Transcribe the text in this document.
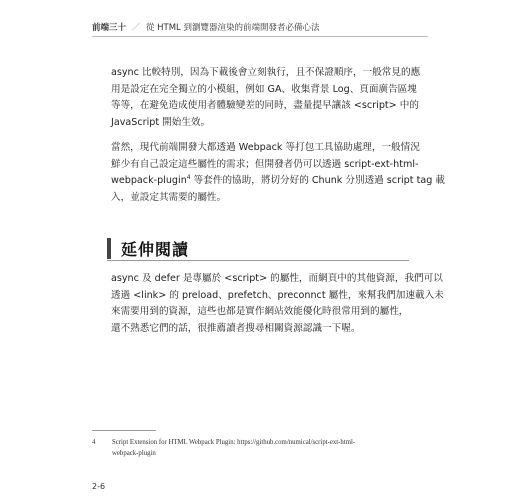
前端三十 ／ 從 HTML 到瀏覽器渲染的前端開發者必備心法
async 比較特別，因為下載後會立刻執行，且不保證順序，一般常見的應
用是設定在完全獨立的小模組，例如 GA、收集背景 Log、頁面廣告區塊
等等，在避免造成使用者體驗變差的同時，盡量提早讓該 <script> 中的
JavaScript 開始生效。
當然，現代前端開發大都透過 Webpack 等打包工具協助處理，一般情況
鮮少有自己設定這些屬性的需求；但開發者仍可以透過 script-ext-html-
webpack-plugin$^4$ 等套件的協助，將切分好的 Chunk 分別透過 script tag 載
入，並設定其需要的屬性。
延伸閱讀
async 及 defer 是專屬於 <script> 的屬性，而網頁中的其他資源，我們可以
透過 <link> 的 preload、prefetch、preconnct 屬性，來幫我們加速載入未
來需要用到的資源，這些也都是實作網站效能優化時很常用到的屬性，
還不熟悉它們的話，很推薦讀者搜尋相關資源認識一下喔。
4 Script Extension for HTML Webpack Plugin: https://github.com/numical/script-ext-html-
webpack-plugin
2-6
